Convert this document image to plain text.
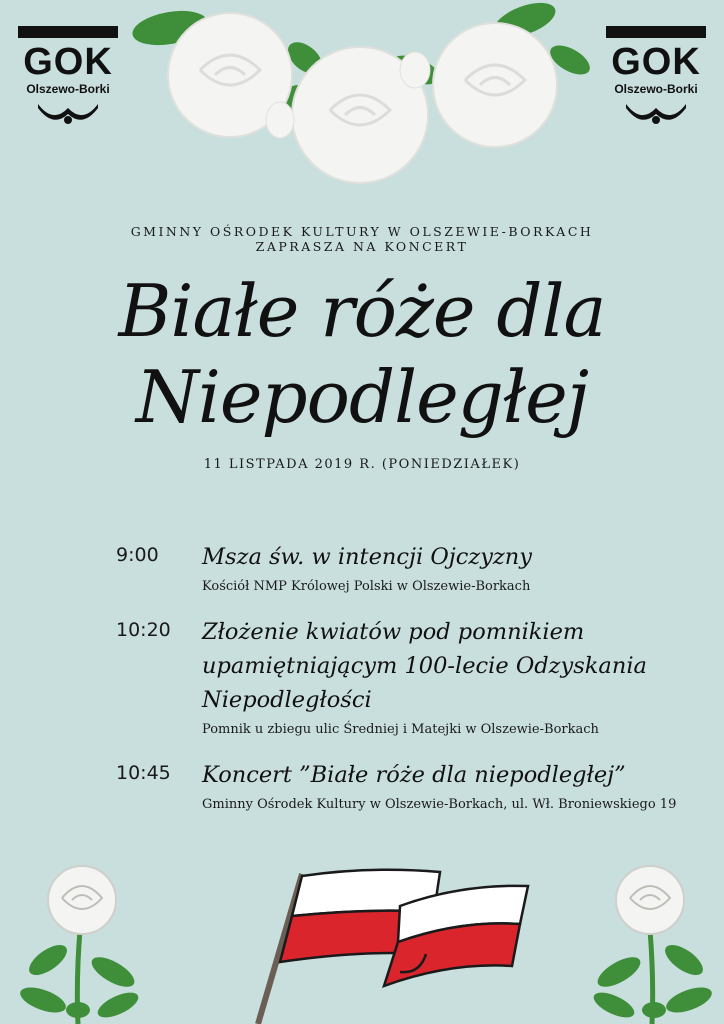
GOK
Olszewo-Borki
GOK
Olszewo-Borki
GMINNY OŚRODEK KULTURY W OLSZEWIE-BORKACH
ZAPRASZA NA KONCERT
Białe róże dla
Niepodległej
11 LISTPADA 2019 R. (PONIEDZIAŁEK)
9:00 Msza św. w intencji Ojczyzny
Kościół NMP Królowej Polski w Olszewie-Borkach
10:20 Złożenie kwiatów pod pomnikiem upamiętniającym 100-lecie Odzyskania Niepodległości
Pomnik u zbiegu ulic Średniej i Matejki w Olszewie-Borkach
10:45 Koncert ”Białe róże dla niepodległej”
Gminny Ośrodek Kultury w Olszewie-Borkach, ul. Wł. Broniewskiego 19
